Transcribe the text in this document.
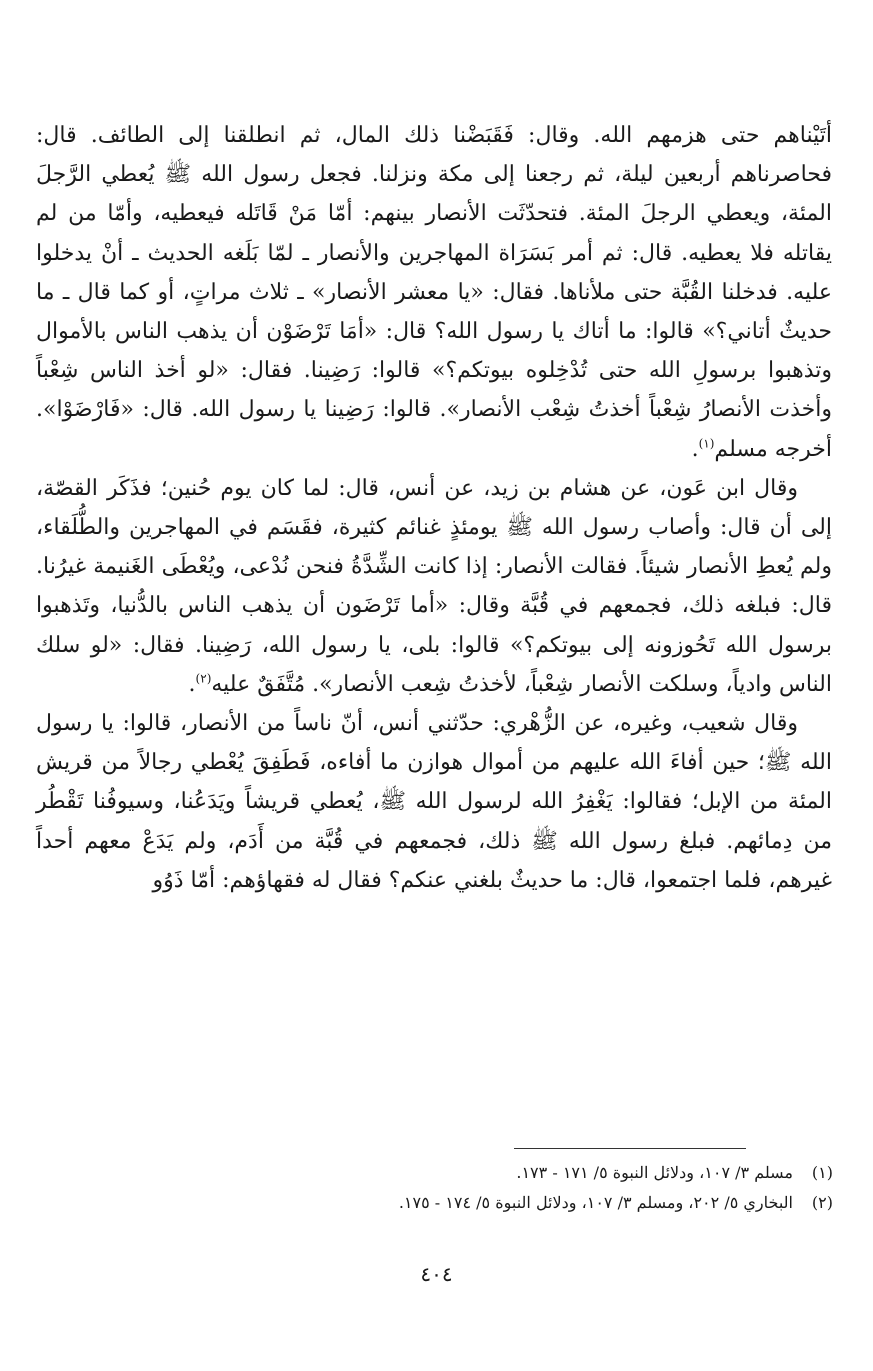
أتَيْناهم حتى هزمهم الله. وقال: فَقَبَضْنا ذلك المال، ثم انطلقنا إلى الطائف. قال: فحاصرناهم أربعين ليلة، ثم رجعنا إلى مكة ونزلنا. فجعل رسول الله ﷺ يُعطي الرَّجلَ المئة، ويعطي الرجلَ المئة. فتحدّثَت الأنصار بينهم: أمّا مَنْ قَاتَله فيعطيه، وأمّا من لم يقاتله فلا يعطيه. قال: ثم أمر بَسَرَاة المهاجرين والأنصار ـ لمّا بَلَغه الحديث ـ أنْ يدخلوا عليه. فدخلنا القُبَّة حتى ملأناها. فقال: «يا معشر الأنصار» ـ ثلاث مراتٍ، أو كما قال ـ ما حديثٌ أتاني؟» قالوا: ما أتاك يا رسول الله؟ قال: «أمَا تَرْضَوْن أن يذهب الناس بالأموال وتذهبوا برسولِ الله حتى تُدْخِلوه بيوتكم؟» قالوا: رَضِينا. فقال: «لو أخذ الناس شِعْباً وأخذت الأنصارُ شِعْباً أخذتُ شِعْب الأنصار». قالوا: رَضِينا يا رسول الله. قال: «فَارْضَوْا». أخرجه مسلم$^{(١)}$.

وقال ابن عَون، عن هشام بن زيد، عن أنس، قال: لما كان يوم حُنين؛ فذَكَر القصّة، إلى أن قال: وأصاب رسول الله ﷺ يومئذٍ غنائم كثيرة، فقَسَم في المهاجرين والطُّلَقاء، ولم يُعطِ الأنصار شيئاً. فقالت الأنصار: إذا كانت الشِّدَّةُ فنحن نُدْعى، ويُعْطَى الغَنيمة غيرُنا. قال: فبلغه ذلك، فجمعهم في قُبَّة وقال: «أما تَرْضَون أن يذهب الناس بالدُّنيا، وتَذهبوا برسول الله تَحُوزونه إلى بيوتكم؟» قالوا: بلى، يا رسول الله، رَضِينا. فقال: «لو سلك الناس وادياً، وسلكت الأنصار شِعْباً، لأخذتُ شِعب الأنصار». مُتَّفَقٌ عليه$^{(٢)}$.

وقال شعيب، وغيره، عن الزُّهْري: حدّثني أنس، أنّ ناساً من الأنصار، قالوا: يا رسول الله ﷺ؛ حين أفاءَ الله عليهم من أموال هوازن ما أفاءه، فَطَفِقَ يُعْطي رجالاً من قريش المئة من الإبل؛ فقالوا: يَغْفِرُ الله لرسول الله ﷺ، يُعطي قريشاً ويَدَعُنا، وسيوفُنا تَقْطُر من دِمائهم. فبلغ رسول الله ﷺ ذلك، فجمعهم في قُبَّة من أَدَم، ولم يَدَعْ معهم أحداً غيرهم، فلما اجتمعوا، قال: ما حديثٌ بلغني عنكم؟ فقال له فقهاؤهم: أمّا ذَوُو

(١)
مسلم ٣/ ١٠٧، ودلائل النبوة ٥/ ١٧١ - ١٧٣.

(٢)
البخاري ٥/ ٢٠٢، ومسلم ٣/ ١٠٧، ودلائل النبوة ٥/ ١٧٤ - ١٧٥.

٤٠٤
